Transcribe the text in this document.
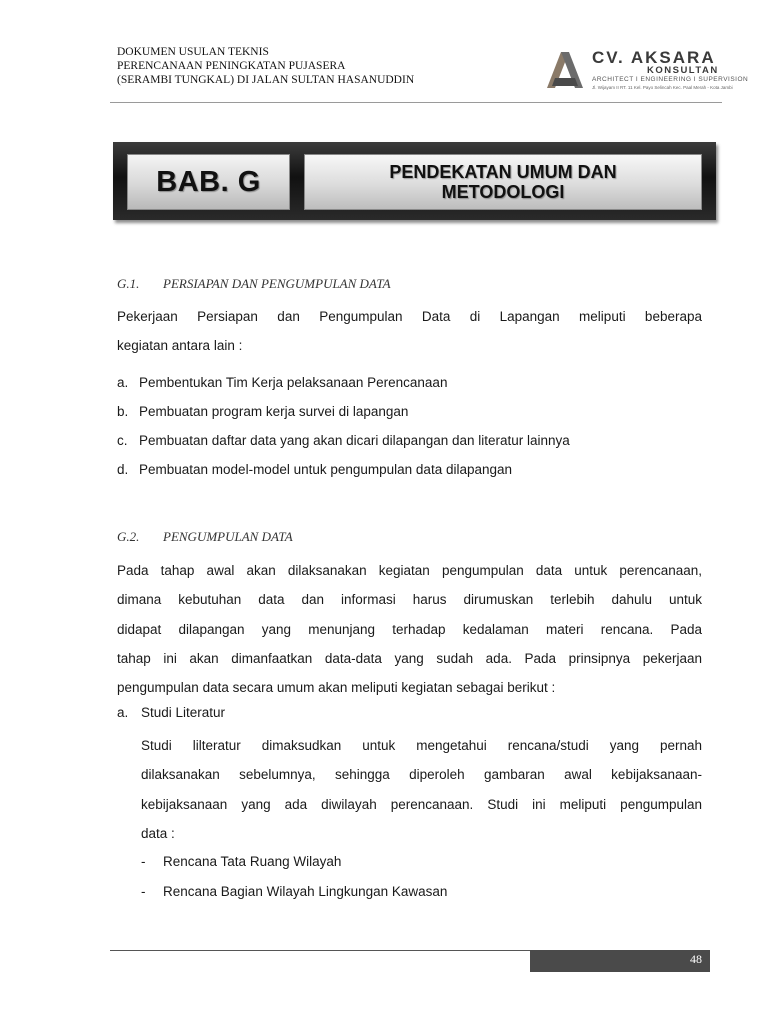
DOKUMEN USULAN TEKNIS
PERENCANAAN PENINGKATAN PUJASERA
(SERAMBI TUNGKAL) DI JALAN SULTAN HASANUDDIN
CV. AKSARA
KONSULTAN
ARCHITECT I ENGINEERING I SUPERVISION
Jl. Wijayam II RT. 11 Kel. Payo Selincah Kec. Paal Merah - Kota Jambi
BAB. G	PENDEKATAN UMUM DAN
METODOLOGI
G.1. PERSIAPAN DAN PENGUMPULAN DATA
Pekerjaan Persiapan dan Pengumpulan Data di Lapangan meliputi beberapa
kegiatan antara lain :
a. Pembentukan Tim Kerja pelaksanaan Perencanaan
b. Pembuatan program kerja survei di lapangan
c. Pembuatan daftar data yang akan dicari dilapangan dan literatur lainnya
d. Pembuatan model-model untuk pengumpulan data dilapangan
G.2. PENGUMPULAN DATA
Pada tahap awal akan dilaksanakan kegiatan pengumpulan data untuk perencanaan,
dimana kebutuhan data dan informasi harus dirumuskan terlebih dahulu untuk
didapat dilapangan yang menunjang terhadap kedalaman materi rencana. Pada
tahap ini akan dimanfaatkan data-data yang sudah ada. Pada prinsipnya pekerjaan
pengumpulan data secara umum akan meliputi kegiatan sebagai berikut :
a. Studi Literatur
Studi lilteratur dimaksudkan untuk mengetahui rencana/studi yang pernah
dilaksanakan sebelumnya, sehingga diperoleh gambaran awal kebijaksanaan-
kebijaksanaan yang ada diwilayah perencanaan. Studi ini meliputi pengumpulan
data :
- Rencana Tata Ruang Wilayah
- Rencana Bagian Wilayah Lingkungan Kawasan
48
